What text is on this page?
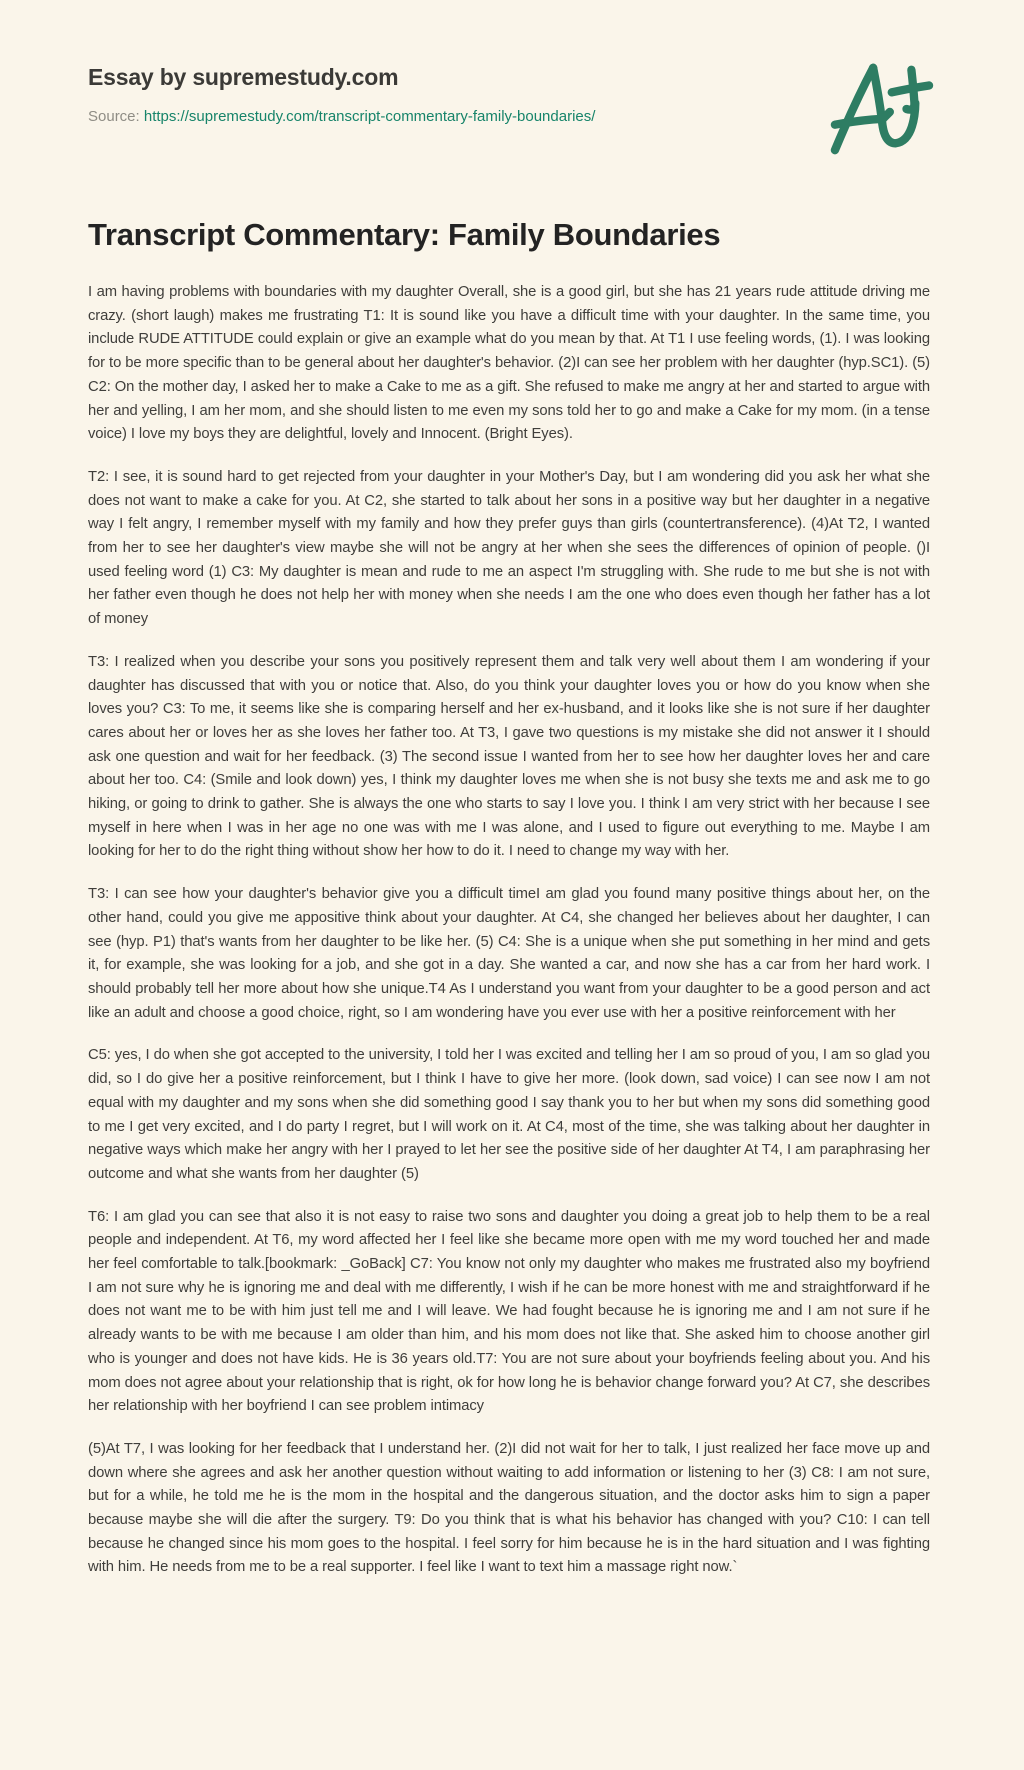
Essay by supremestudy.com
Source: https://supremestudy.com/transcript-commentary-family-boundaries/
Transcript Commentary: Family Boundaries

I am having problems with boundaries with my daughter Overall, she is a good girl, but she has 21 years rude attitude driving me crazy. (short laugh) makes me frustrating T1: It is sound like you have a difficult time with your daughter. In the same time, you include RUDE ATTITUDE could explain or give an example what do you mean by that. At T1 I use feeling words, (1). I was looking for to be more specific than to be general about her daughter's behavior. (2)I can see her problem with her daughter (hyp.SC1). (5) C2: On the mother day, I asked her to make a Cake to me as a gift. She refused to make me angry at her and started to argue with her and yelling, I am her mom, and she should listen to me even my sons told her to go and make a Cake for my mom. (in a tense voice) I love my boys they are delightful, lovely and Innocent. (Bright Eyes).

T2: I see, it is sound hard to get rejected from your daughter in your Mother's Day, but I am wondering did you ask her what she does not want to make a cake for you. At C2, she started to talk about her sons in a positive way but her daughter in a negative way I felt angry, I remember myself with my family and how they prefer guys than girls (countertransference). (4)At T2, I wanted from her to see her daughter's view maybe she will not be angry at her when she sees the differences of opinion of people. ()I used feeling word (1) C3: My daughter is mean and rude to me an aspect I'm struggling with. She rude to me but she is not with her father even though he does not help her with money when she needs I am the one who does even though her father has a lot of money

T3: I realized when you describe your sons you positively represent them and talk very well about them I am wondering if your daughter has discussed that with you or notice that. Also, do you think your daughter loves you or how do you know when she loves you? C3: To me, it seems like she is comparing herself and her ex-husband, and it looks like she is not sure if her daughter cares about her or loves her as she loves her father too. At T3, I gave two questions is my mistake she did not answer it I should ask one question and wait for her feedback. (3) The second issue I wanted from her to see how her daughter loves her and care about her too. C4: (Smile and look down) yes, I think my daughter loves me when she is not busy she texts me and ask me to go hiking, or going to drink to gather. She is always the one who starts to say I love you. I think I am very strict with her because I see myself in here when I was in her age no one was with me I was alone, and I used to figure out everything to me. Maybe I am looking for her to do the right thing without show her how to do it. I need to change my way with her.

T3: I can see how your daughter's behavior give you a difficult timeI am glad you found many positive things about her, on the other hand, could you give me appositive think about your daughter. At C4, she changed her believes about her daughter, I can see (hyp. P1) that's wants from her daughter to be like her. (5) C4: She is a unique when she put something in her mind and gets it, for example, she was looking for a job, and she got in a day. She wanted a car, and now she has a car from her hard work. I should probably tell her more about how she unique.T4 As I understand you want from your daughter to be a good person and act like an adult and choose a good choice, right, so I am wondering have you ever use with her a positive reinforcement with her

C5: yes, I do when she got accepted to the university, I told her I was excited and telling her I am so proud of you, I am so glad you did, so I do give her a positive reinforcement, but I think I have to give her more. (look down, sad voice) I can see now I am not equal with my daughter and my sons when she did something good I say thank you to her but when my sons did something good to me I get very excited, and I do party I regret, but I will work on it. At C4, most of the time, she was talking about her daughter in negative ways which make her angry with her I prayed to let her see the positive side of her daughter At T4, I am paraphrasing her outcome and what she wants from her daughter (5)

T6: I am glad you can see that also it is not easy to raise two sons and daughter you doing a great job to help them to be a real people and independent. At T6, my word affected her I feel like she became more open with me my word touched her and made her feel comfortable to talk.[bookmark: _GoBack] C7: You know not only my daughter who makes me frustrated also my boyfriend I am not sure why he is ignoring me and deal with me differently, I wish if he can be more honest with me and straightforward if he does not want me to be with him just tell me and I will leave. We had fought because he is ignoring me and I am not sure if he already wants to be with me because I am older than him, and his mom does not like that. She asked him to choose another girl who is younger and does not have kids. He is 36 years old.T7: You are not sure about your boyfriends feeling about you. And his mom does not agree about your relationship that is right, ok for how long he is behavior change forward you? At C7, she describes her relationship with her boyfriend I can see problem intimacy

(5)At T7, I was looking for her feedback that I understand her. (2)I did not wait for her to talk, I just realized her face move up and down where she agrees and ask her another question without waiting to add information or listening to her (3) C8: I am not sure, but for a while, he told me he is the mom in the hospital and the dangerous situation, and the doctor asks him to sign a paper because maybe she will die after the surgery. T9: Do you think that is what his behavior has changed with you? C10: I can tell because he changed since his mom goes to the hospital. I feel sorry for him because he is in the hard situation and I was fighting with him. He needs from me to be a real supporter. I feel like I want to text him a massage right now.`
